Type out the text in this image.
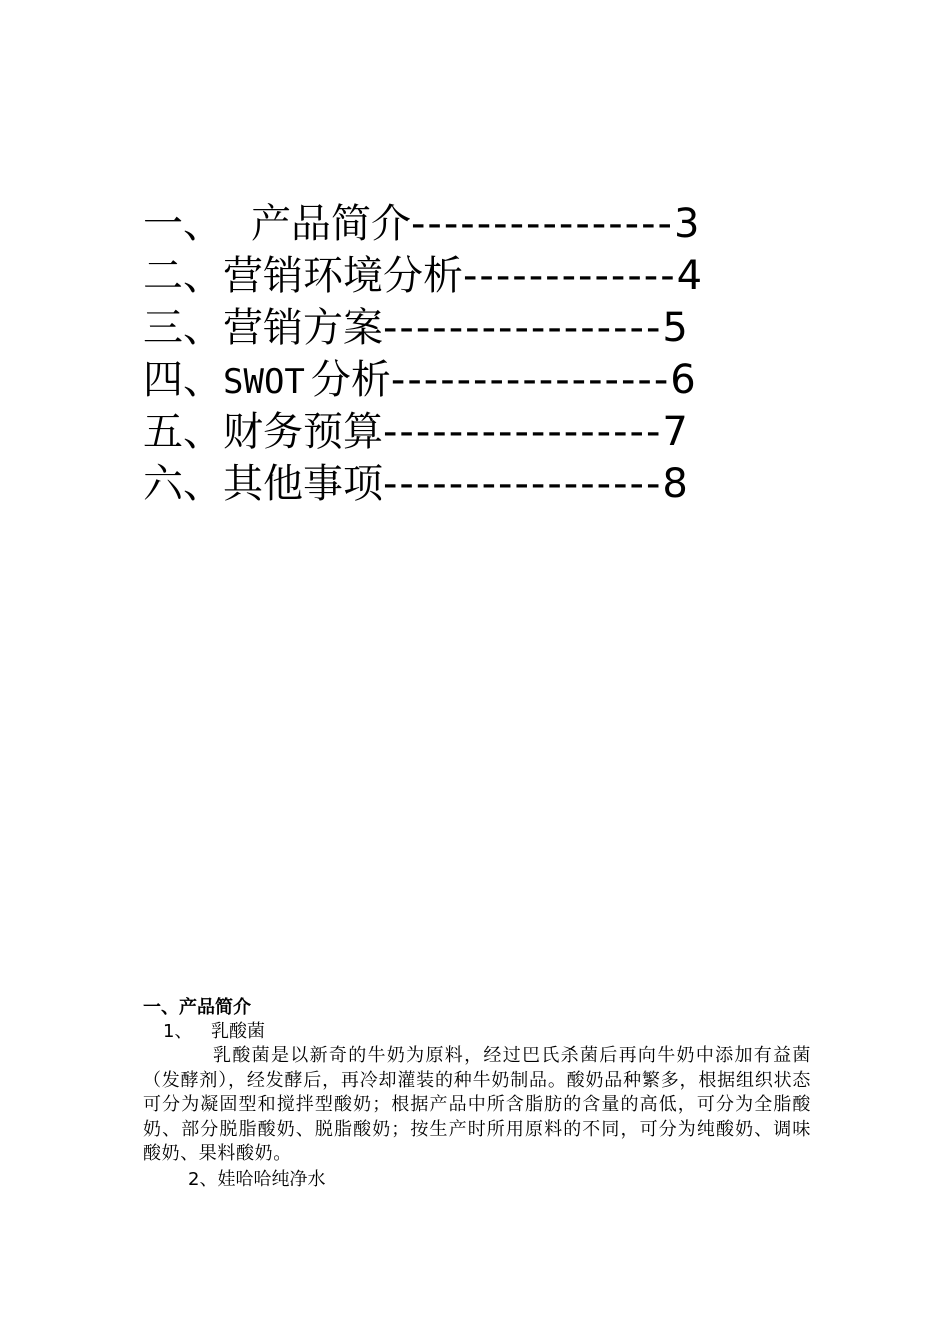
一、 产品简介----------------3
二、营销环境分析-------------4
三、营销方案-----------------5
四、SWOT 分析-----------------6
五、财务预算-----------------7
六、其他事项-----------------8

一、产品简介

1、 乳酸菌

乳酸菌是以新奇的牛奶为原料，经过巴氏杀菌后再向牛奶中添加有益菌（发酵剂），经发酵后，再冷却灌装的种牛奶制品。酸奶品种繁多，根据组织状态可分为凝固型和搅拌型酸奶；根据产品中所含脂肪的含量的高低，可分为全脂酸奶、部分脱脂酸奶、脱脂酸奶；按生产时所用原料的不同，可分为纯酸奶、调味酸奶、果料酸奶。

2、娃哈哈纯净水
